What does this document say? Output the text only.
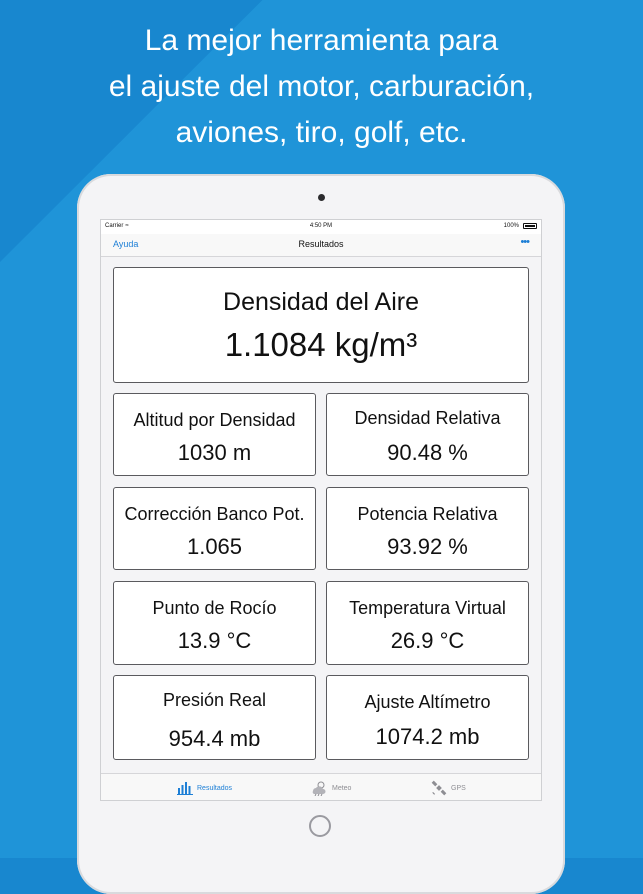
La mejor herramienta para
el ajuste del motor, carburación,
aviones, tiro, golf, etc.
Carrier ≈	4:50 PM	100%
Ayuda	Resultados	•••
Densidad del Aire
1.1084 kg/m³
Altitud por Densidad
1030 m
Densidad Relativa
90.48 %
Corrección Banco Pot.
1.065
Potencia Relativa
93.92 %
Punto de Rocío
13.9 °C
Temperatura Virtual
26.9 °C
Presión Real
954.4 mb
Ajuste Altímetro
1074.2 mb
Resultados	Meteo	GPS
